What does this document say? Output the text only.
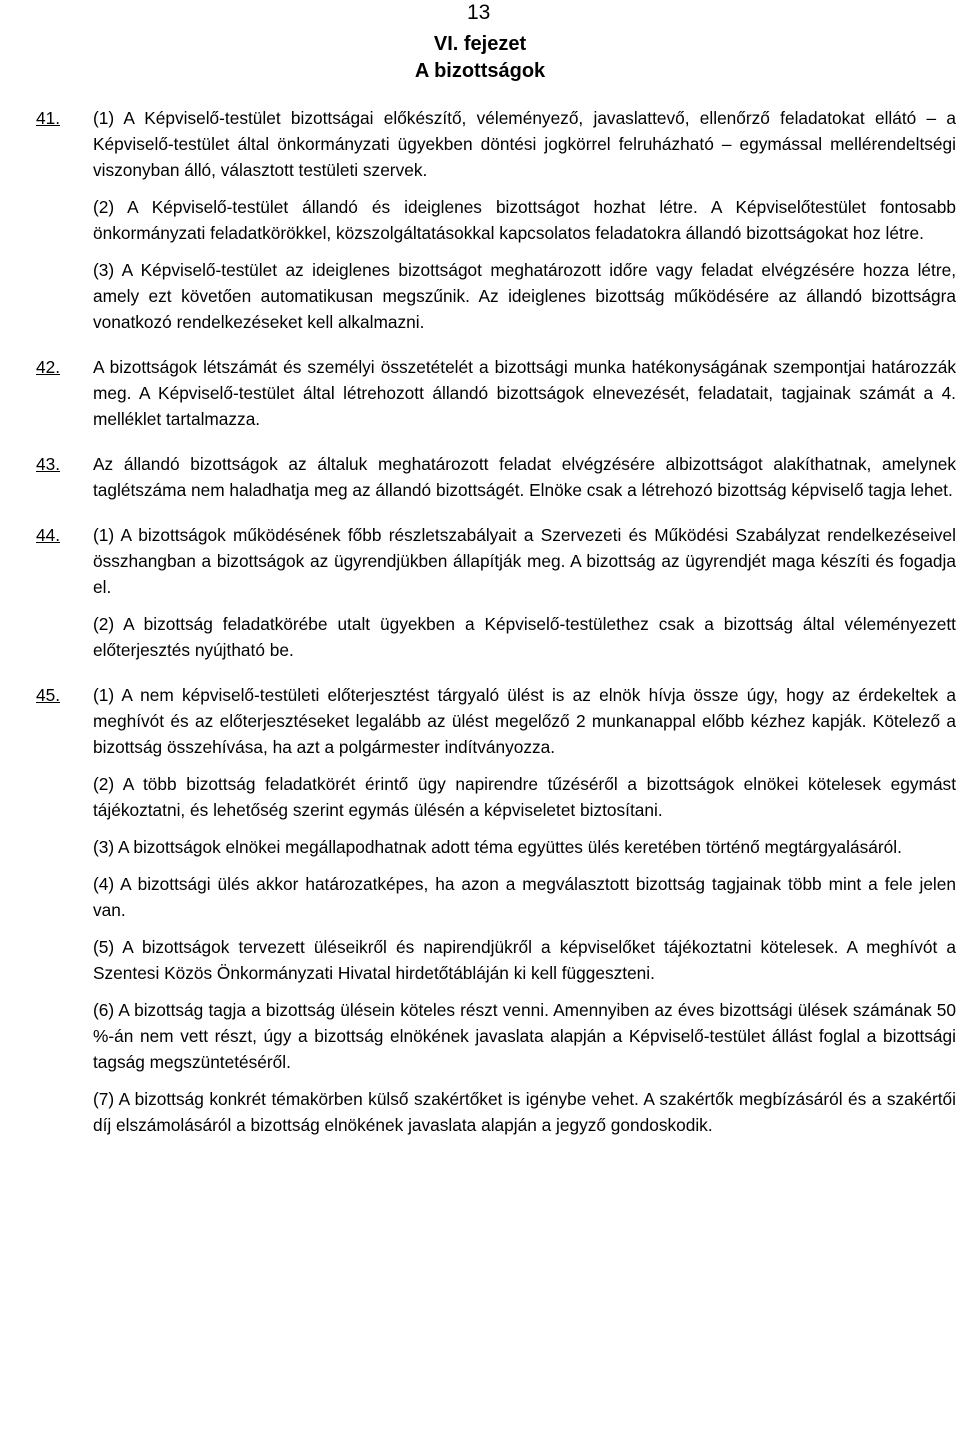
13
VI. fejezet
A bizottságok

41. (1) A Képviselő-testület bizottságai előkészítő, véleményező, javaslattevő, ellenőrző feladatokat ellátó – a Képviselő-testület által önkormányzati ügyekben döntési jogkörrel felruházható – egymással mellérendeltségi viszonyban álló, választott testületi szervek.

(2) A Képviselő-testület állandó és ideiglenes bizottságot hozhat létre. A Képviselőtestület fontosabb önkormányzati feladatkörökkel, közszolgáltatásokkal kapcsolatos feladatokra állandó bizottságokat hoz létre.

(3) A Képviselő-testület az ideiglenes bizottságot meghatározott időre vagy feladat elvégzésére hozza létre, amely ezt követően automatikusan megszűnik. Az ideiglenes bizottság működésére az állandó bizottságra vonatkozó rendelkezéseket kell alkalmazni.

42. A bizottságok létszámát és személyi összetételét a bizottsági munka hatékonyságának szempontjai határozzák meg. A Képviselő-testület által létrehozott állandó bizottságok elnevezését, feladatait, tagjainak számát a 4. melléklet tartalmazza.

43. Az állandó bizottságok az általuk meghatározott feladat elvégzésére albizottságot alakíthatnak, amelynek taglétszáma nem haladhatja meg az állandó bizottságét. Elnöke csak a létrehozó bizottság képviselő tagja lehet.

44. (1) A bizottságok működésének főbb részletszabályait a Szervezeti és Működési Szabályzat rendelkezéseivel összhangban a bizottságok az ügyrendjükben állapítják meg. A bizottság az ügyrendjét maga készíti és fogadja el.

(2) A bizottság feladatkörébe utalt ügyekben a Képviselő-testülethez csak a bizottság által véleményezett előterjesztés nyújtható be.

45. (1) A nem képviselő-testületi előterjesztést tárgyaló ülést is az elnök hívja össze úgy, hogy az érdekeltek a meghívót és az előterjesztéseket legalább az ülést megelőző 2 munkanappal előbb kézhez kapják. Kötelező a bizottság összehívása, ha azt a polgármester indítványozza.

(2) A több bizottság feladatkörét érintő ügy napirendre tűzéséről a bizottságok elnökei kötelesek egymást tájékoztatni, és lehetőség szerint egymás ülésén a képviseletet biztosítani.

(3) A bizottságok elnökei megállapodhatnak adott téma együttes ülés keretében történő megtárgyalásáról.

(4) A bizottsági ülés akkor határozatképes, ha azon a megválasztott bizottság tagjainak több mint a fele jelen van.

(5) A bizottságok tervezett üléseikről és napirendjükről a képviselőket tájékoztatni kötelesek. A meghívót a Szentesi Közös Önkormányzati Hivatal hirdetőtábláján ki kell függeszteni.

(6) A bizottság tagja a bizottság ülésein köteles részt venni. Amennyiben az éves bizottsági ülések számának 50 %-án nem vett részt, úgy a bizottság elnökének javaslata alapján a Képviselő-testület állást foglal a bizottsági tagság megszüntetéséről.

(7) A bizottság konkrét témakörben külső szakértőket is igénybe vehet. A szakértők megbízásáról és a szakértői díj elszámolásáról a bizottság elnökének javaslata alapján a jegyző gondoskodik.
